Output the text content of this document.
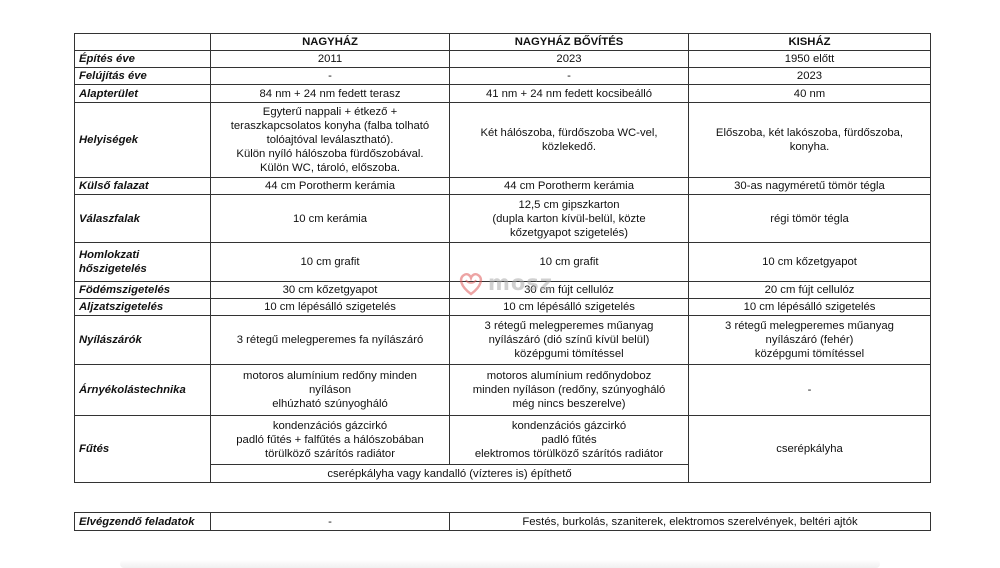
	NAGYHÁZ	NAGYHÁZ BŐVÍTÉS	KISHÁZ
Építés éve	2011	2023	1950 előtt
Felújítás éve	-	-	2023
Alapterület	84 nm + 24 nm fedett terasz	41 nm + 24 nm fedett kocsibeálló	40 nm
Helyiségek	Egyterű nappali + étkező +
teraszkapcsolatos konyha (falba tolható
tolóajtóval leválasztható).
Külön nyíló hálószoba fürdőszobával.
Külön WC, tároló, előszoba.	Két hálószoba, fürdőszoba WC-vel,
közlekedő.	Előszoba, két lakószoba, fürdőszoba,
konyha.

Külső falazat	44 cm Porotherm kerámia	44 cm Porotherm kerámia	30-as nagyméretű tömör tégla
Válaszfalak	10 cm kerámia	12,5 cm gipszkarton
(dupla karton kívül-belül, közte
kőzetgyapot szigetelés)	régi tömör tégla
Homlokzati hőszigetelés	10 cm grafit	10 cm grafit	10 cm kőzetgyapot
Födémszigetelés	30 cm kőzetgyapot	30 cm fújt cellulóz	20 cm fújt cellulóz
Aljzatszigetelés	10 cm lépésálló szigetelés	10 cm lépésálló szigetelés	10 cm lépésálló szigetelés
Nyílászárók	3 rétegű melegperemes fa nyílászáró	3 rétegű melegperemes műanyag
nyílászáró (dió színű kívül belül)
középgumi tömítéssel	3 rétegű melegperemes műanyag
nyílászáró (fehér)
középgumi tömítéssel

Árnyékolástechnika	motoros alumínium redőny minden
nyíláson
elhúzható szúnyogháló	motoros alumínium redőnydoboz
minden nyíláson (redőny, szúnyogháló
még nincs beszerelve)	-
Fűtés	kondenzációs gázcirkó
padló fűtés + falfűtés a hálószobában
törülköző szárítós radiátor	kondenzációs gázcirkó
padló fűtés
elektromos törülköző szárítós radiátor	cserépkályha
	cserépkályha vagy kandalló (vízteres is) építhető		
Elvégzendő feladatok	-	Festés, burkolás, szaniterek, elektromos szerelvények, beltéri ajtók
mosz
